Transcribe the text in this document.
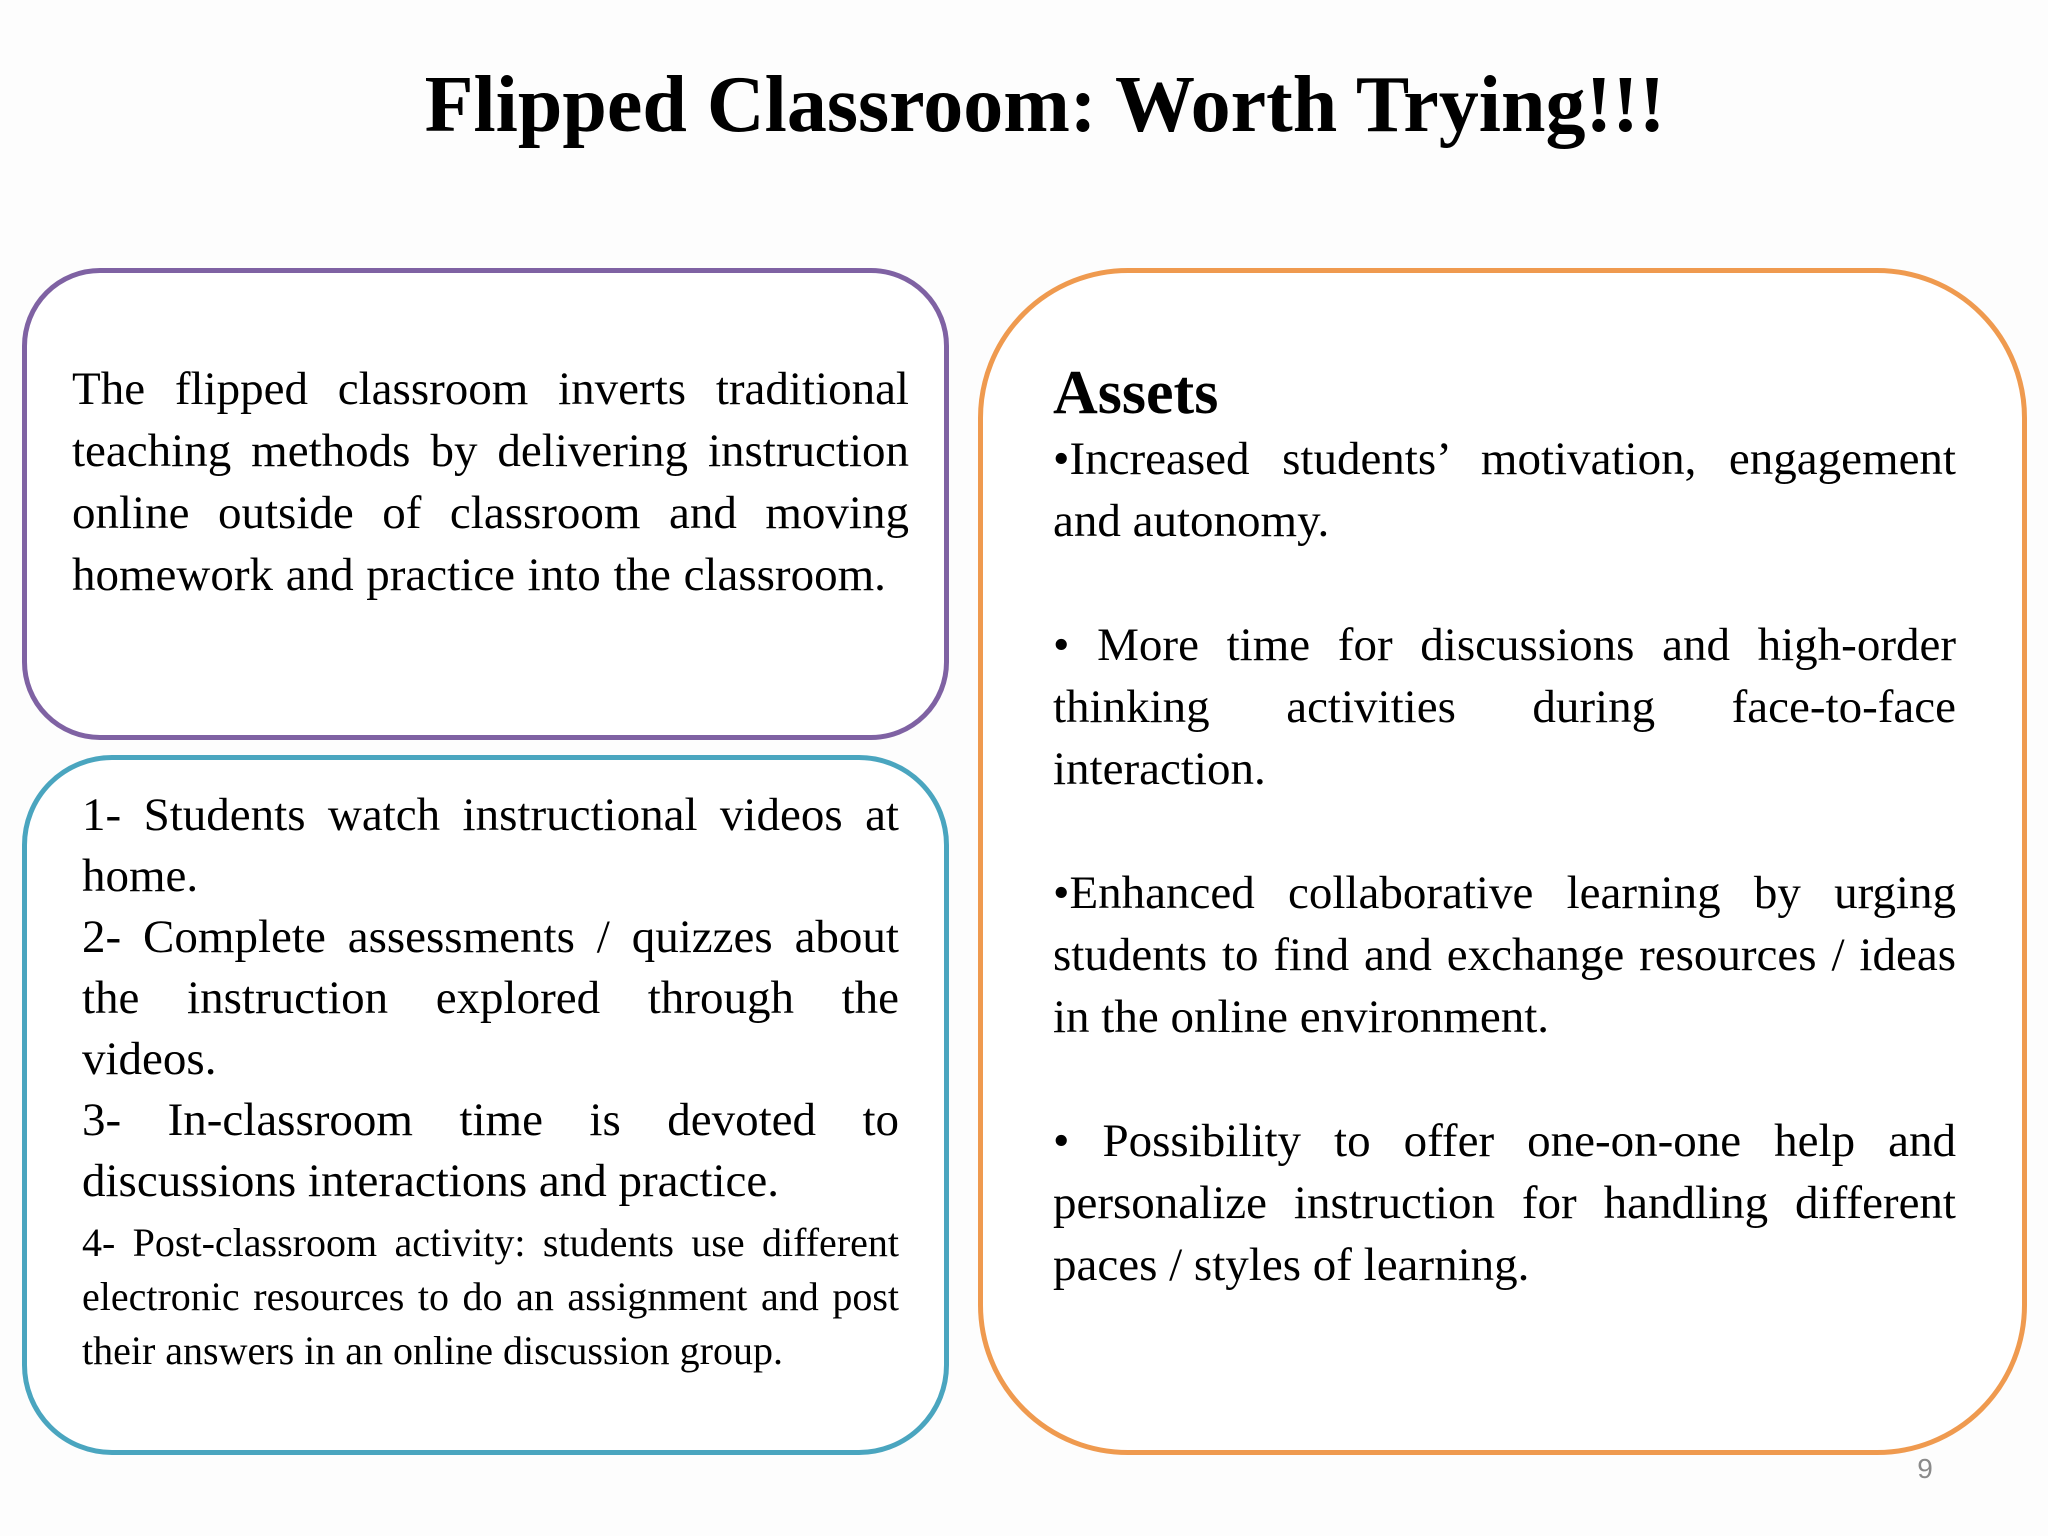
Flipped Classroom: Worth Trying!!!
The flipped classroom inverts traditional teaching methods by delivering instruction online outside of classroom and moving homework and practice into the classroom.

1- Students watch instructional videos at home.

2- Complete assessments / quizzes about the instruction explored through the videos.

3- In-classroom time is devoted to discussions interactions and practice.

4- Post-classroom activity: students use different electronic resources to do an assignment and post their answers in an online discussion group.

Assets

•Increased students’ motivation, engagement and autonomy.

• More time for discussions and high-order thinking activities during face-to-face interaction.

•Enhanced collaborative learning by urging students to find and exchange resources / ideas in the online environment.

• Possibility to offer one-on-one help and personalize instruction for handling different paces / styles of learning.

9
